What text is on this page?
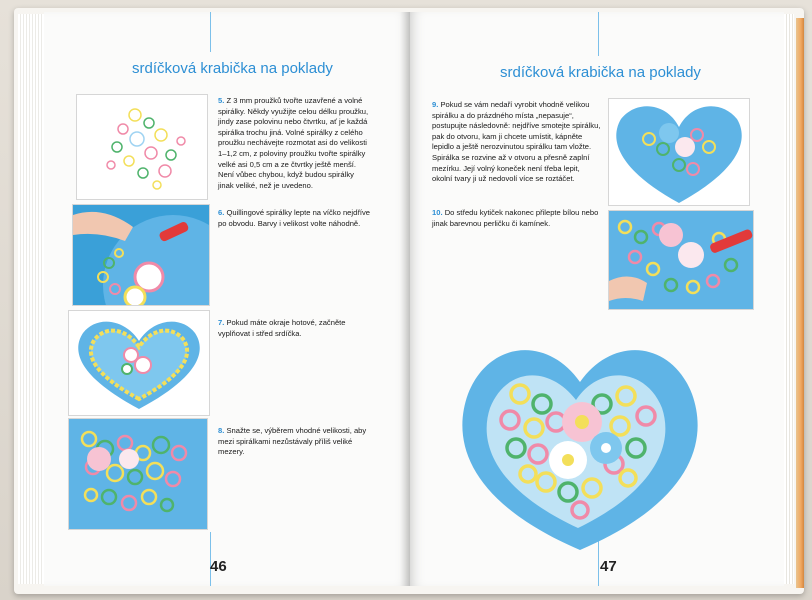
srdíčková krabička na poklady
46
5. Z 3 mm proužků tvořte uzavřené a volné spirálky. Někdy využijte celou délku proužku, jindy zase polovinu nebo čtvrtku, ať je každá spirálka trochu jiná. Volné spirálky z celého proužku nechávejte rozmotat asi do velikosti 1–1,2 cm, z poloviny proužku tvořte spirálky velké asi 0,5 cm a ze čtvrtky ještě menší. Není vůbec chybou, když budou spirálky jinak veliké, než je uvedeno.
6. Quillingové spirálky lepte na víčko nejdříve po obvodu. Barvy i velikost volte náhodně.
7. Pokud máte okraje hotové, začněte vyplňovat i střed srdíčka.
8. Snažte se, výběrem vhodné velikosti, aby mezi spirálkami nezůstávaly příliš veliké mezery.
srdíčková krabička na poklady
47
9. Pokud se vám nedaří vyrobit vhodně velikou spirálku a do prázdného místa „nepasuje“, postupujte následovně: nejdříve smotejte spirálku, pak do otvoru, kam ji chcete umístit, kápněte lepidlo a ještě nerozvinutou spirálku tam vložte. Spirálka se rozvine až v otvoru a přesně zaplní mezírku. Její volný koneček není třeba lepit, okolní tvary ji už nedovolí více se roztáčet.
10. Do středu kytiček nakonec přilepte bílou nebo jinak barevnou perličku či kamínek.
